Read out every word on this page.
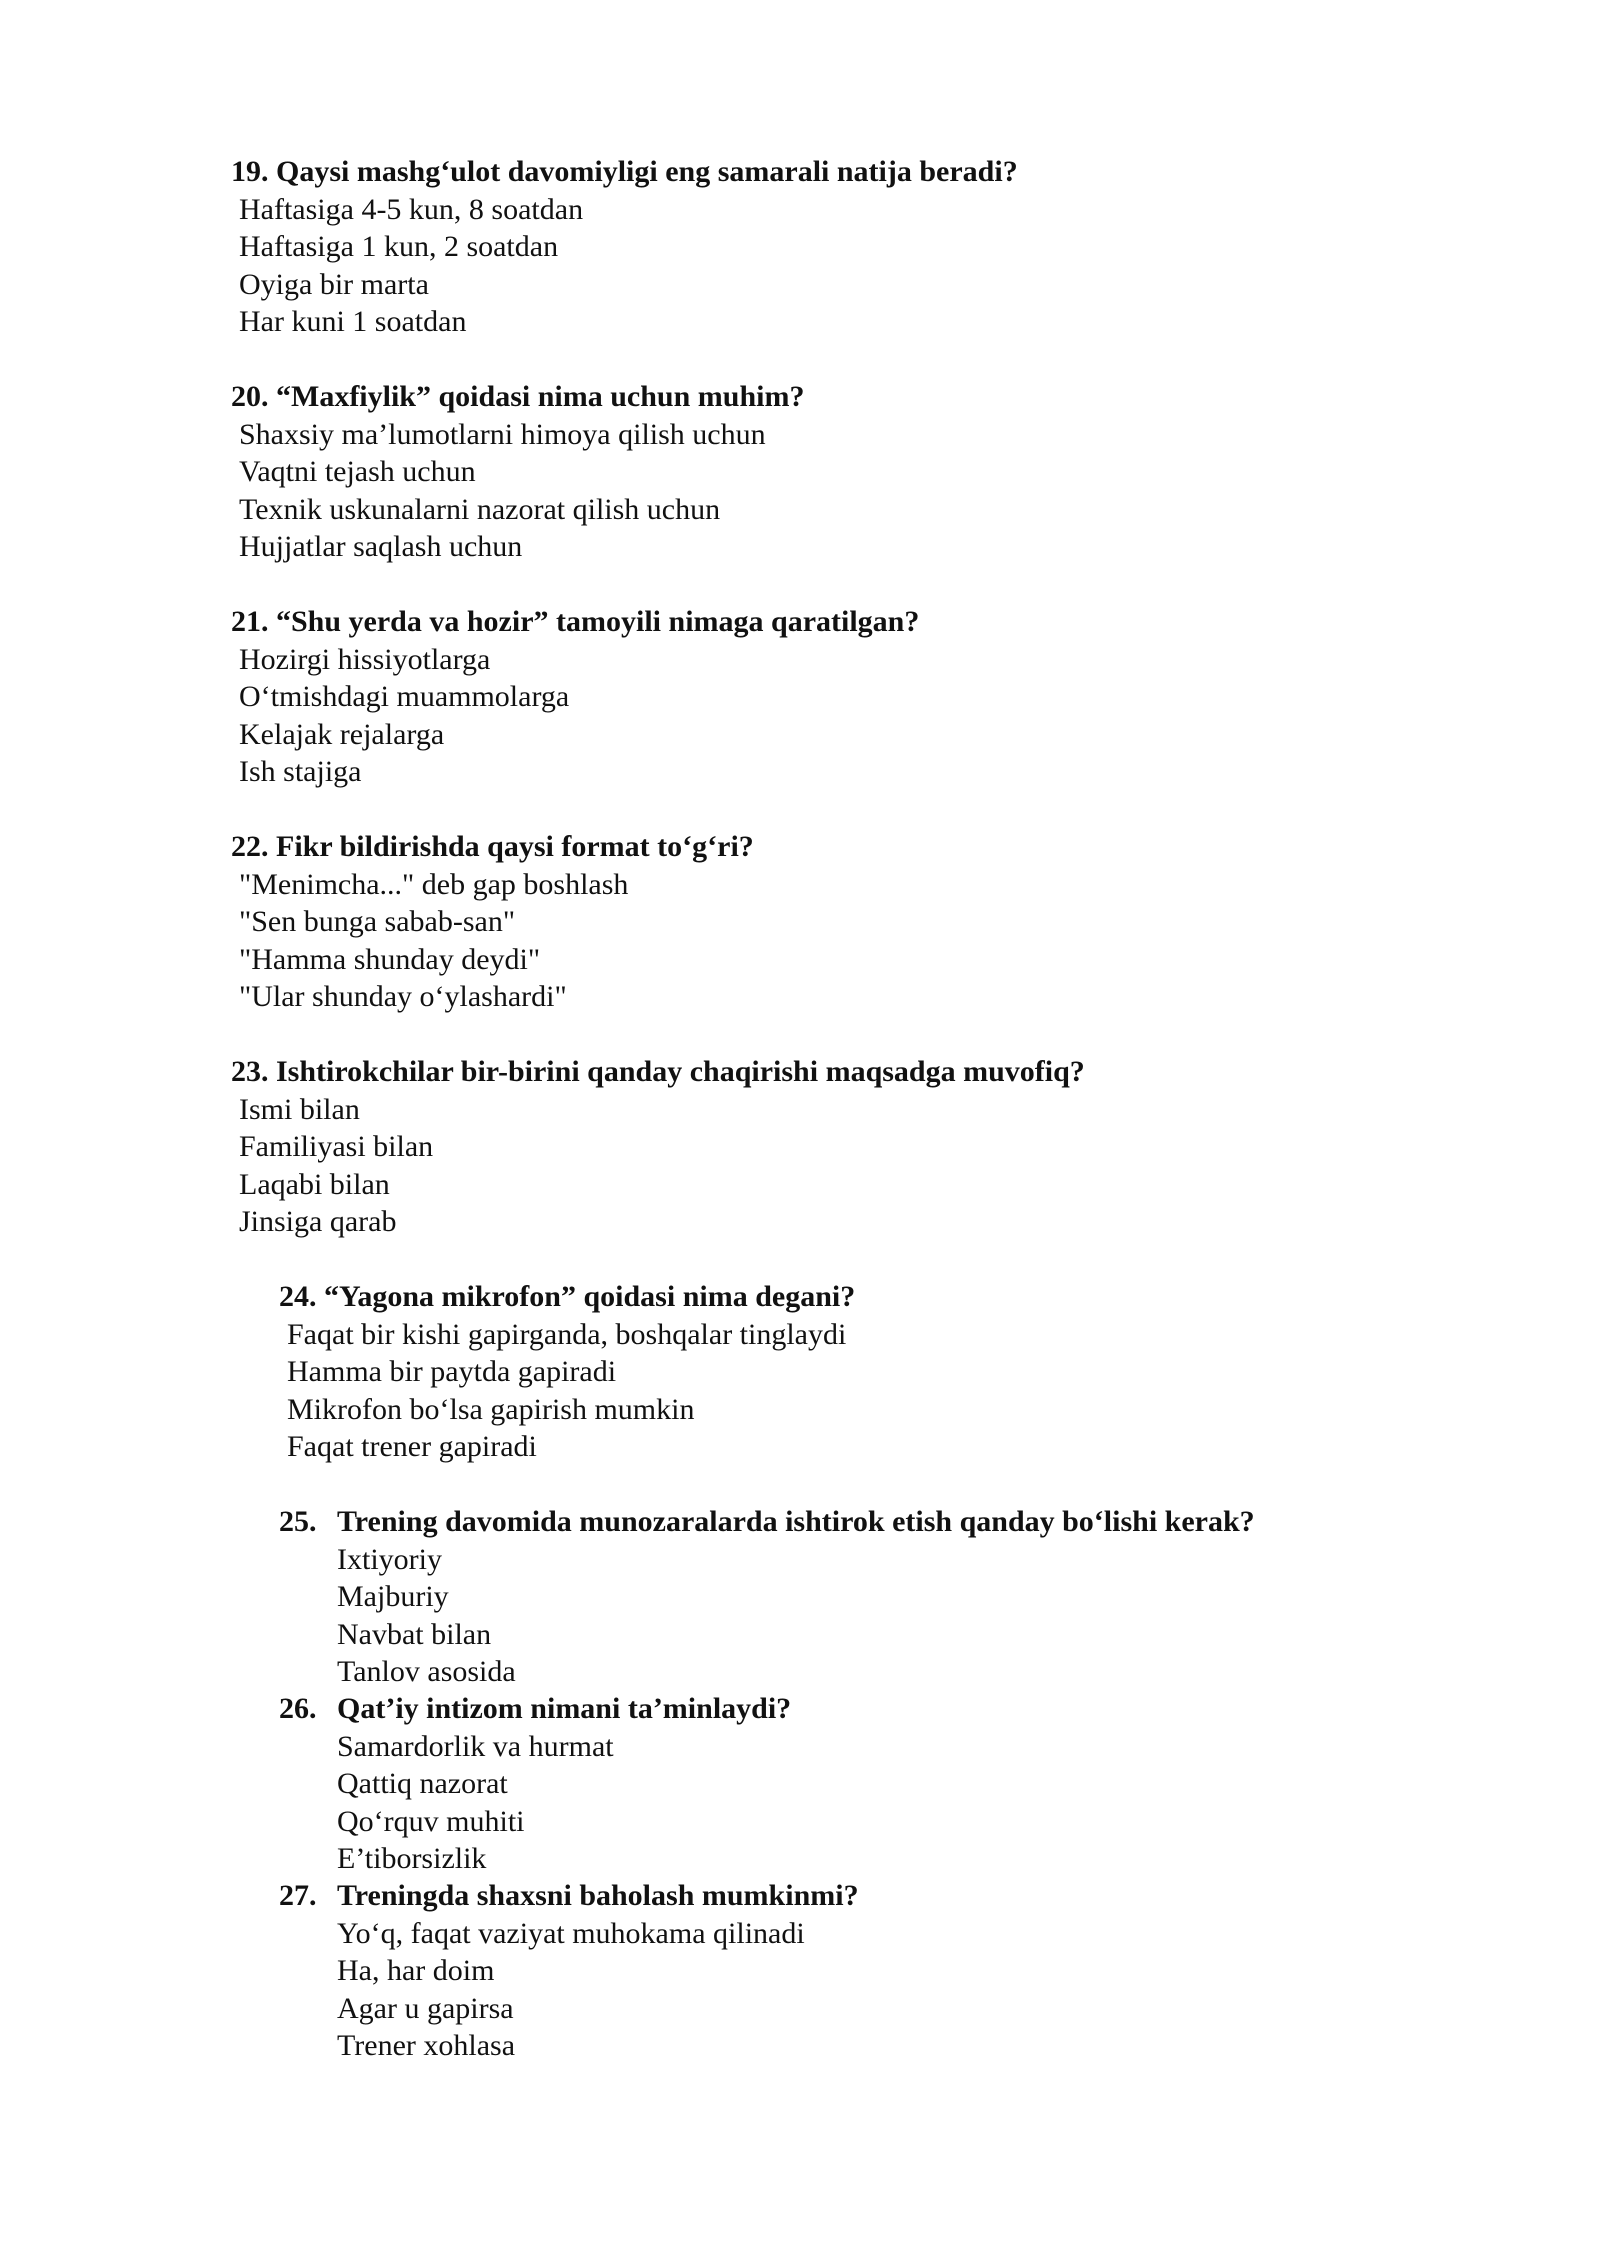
19. Qaysi mashg‘ulot davomiyligi eng samarali natija beradi?

Haftasiga 4-5 kun, 8 soatdan
Haftasiga 1 kun, 2 soatdan
Oyiga bir marta
Har kuni 1 soatdan

20. “Maxfiylik” qoidasi nima uchun muhim?

Shaxsiy ma’lumotlarni himoya qilish uchun
Vaqtni tejash uchun
Texnik uskunalarni nazorat qilish uchun
Hujjatlar saqlash uchun

21. “Shu yerda va hozir” tamoyili nimaga qaratilgan?

Hozirgi hissiyotlarga
O‘tmishdagi muammolarga
Kelajak rejalarga
Ish stajiga

22. Fikr bildirishda qaysi format to‘g‘ri?

"Menimcha..." deb gap boshlash
"Sen bunga sabab-san"
"Hamma shunday deydi"
"Ular shunday o‘ylashardi"

23. Ishtirokchilar bir-birini qanday chaqirishi maqsadga muvofiq?

Ismi bilan
Familiyasi bilan
Laqabi bilan
Jinsiga qarab

24. “Yagona mikrofon” qoidasi nima degani?

Faqat bir kishi gapirganda, boshqalar tinglaydi
Hamma bir paytda gapiradi
Mikrofon bo‘lsa gapirish mumkin
Faqat trener gapiradi

25. Trening davomida munozaralarda ishtirok etish qanday bo‘lishi kerak?

Ixtiyoriy
Majburiy
Navbat bilan
Tanlov asosida

26. Qat’iy intizom nimani ta’minlaydi?

Samardorlik va hurmat
Qattiq nazorat
Qo‘rquv muhiti
E’tiborsizlik

27. Treningda shaxsni baholash mumkinmi?

Yo‘q, faqat vaziyat muhokama qilinadi
Ha, har doim
Agar u gapirsa
Trener xohlasa
